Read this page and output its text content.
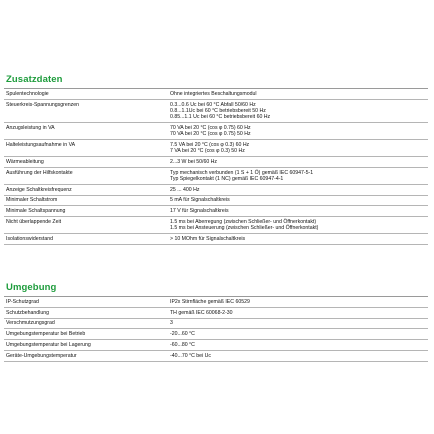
Zusatzdaten
Spulentechnologie	Ohne integriertes Beschaltungsmodul
Steuerkreis-Spannungsgrenzen	0.3...0.6 Uc bei 60 °C Abfall 50/60 Hz
0.8...1.1Uc bei 60 °C betriebsbereit 50 Hz
0.85...1.1 Uc bei 60 °C betriebsbereit 60 Hz
Anzugsleistung in VA	70 VA bei 20 °C (cos φ 0.75) 60 Hz
70 VA bei 20 °C (cos φ 0.75) 50 Hz
Halteleistungsaufnahme in VA	7.5 VA bei 20 °C (cos φ 0.3) 60 Hz
7 VA bei 20 °C (cos φ 0.3) 50 Hz
Wärmeableitung	2...3 W bei 50/60 Hz
Ausführung der Hilfskontakte	Typ mechanisch verbunden (1 S + 1 Ö) gemäß IEC 60947-5-1
Typ Spiegelkontakt (1 NC) gemäß IEC 60947-4-1
Anzeige Schaltkreisfrequenz	25 ... 400 Hz
Minimaler Schaltstrom	5 mA für Signalschaltkreis
Minimale Schaltspannung	17 V für Signalschaltkreis
Nicht überlappende Zeit	1.5 ms bei Aberregung (zwischen Schließer- und Öffnerkontakt)
1.5 ms bei Ansteuerung (zwischen Schließer- und Öffnerkontakt)
Isolationswiderstand	> 10 MOhm für Signalschaltkreis
Umgebung
IP-Schutzgrad	IP2x Stirnfläche gemäß IEC 60529
Schutzbehandlung	TH gemäß IEC 60068-2-30
Verschmutzungsgrad	3
Umgebungstemperatur bei Betrieb	-20...60 °C
Umgebungstemperatur bei Lagerung	-60...80 °C
Geräte-Umgebungstemperatur	-40...70 °C bei Uc
